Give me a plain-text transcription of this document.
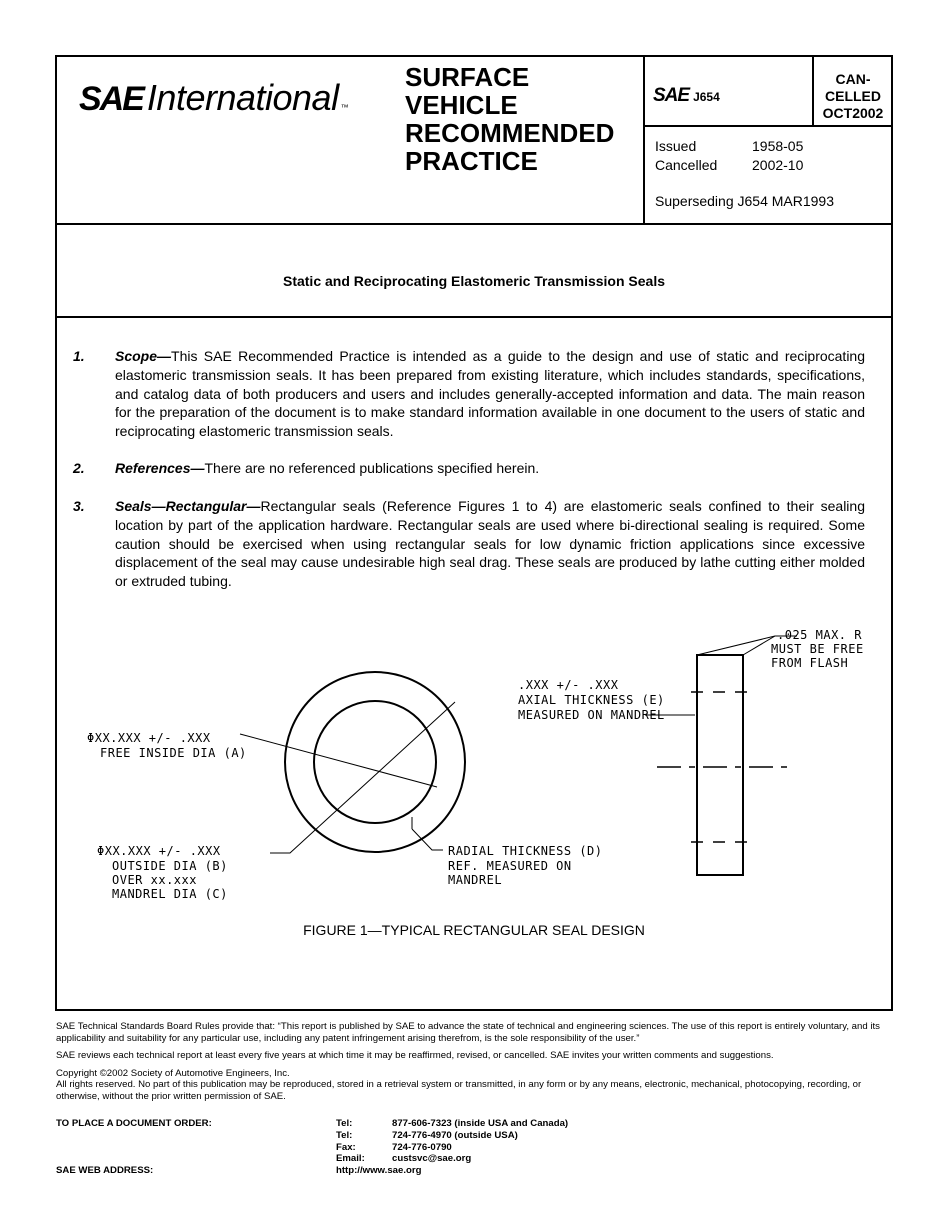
SAE International ™
SURFACE
VEHICLE
RECOMMENDED
PRACTICE
SAE J654
CAN-
CELLED
OCT2002
Issued	1958-05
Cancelled	2002-10
Superseding J654 MAR1993
Static and Reciprocating Elastomeric Transmission Seals
1. Scope—This SAE Recommended Practice is intended as a guide to the design and use of static and reciprocating elastomeric transmission seals. It has been prepared from existing literature, which includes standards, specifications, and catalog data of both producers and users and includes generally-accepted information and data. The main reason for the preparation of the document is to make standard information available in one document to the users of static and reciprocating elastomeric transmission seals.
2. References—There are no referenced publications specified herein.
3. Seals—Rectangular—Rectangular seals (Reference Figures 1 to 4) are elastomeric seals confined to their sealing location by part of the application hardware. Rectangular seals are used where bi-directional sealing is required. Some caution should be exercised when using rectangular seals for low dynamic friction applications since excessive displacement of the seal may cause undesirable high seal drag. These seals are produced by lathe cutting either molded or extruded tubing.
ΦXX.XXX +/- .XXX
FREE INSIDE DIA (A)
ΦXX.XXX +/- .XXX
OUTSIDE DIA (B)
OVER xx.xxx
MANDREL DIA (C)
RADIAL THICKNESS (D)
REF. MEASURED ON
MANDREL
.XXX +/- .XXX
AXIAL THICKNESS (E)
MEASURED ON MANDREL
.025 MAX. R
MUST BE FREE
FROM FLASH
FIGURE 1—TYPICAL RECTANGULAR SEAL DESIGN

SAE Technical Standards Board Rules provide that: “This report is published by SAE to advance the state of technical and engineering sciences. The use of this report is entirely voluntary, and its applicability and suitability for any particular use, including any patent infringement arising therefrom, is the sole responsibility of the user.”

SAE reviews each technical report at least every five years at which time it may be reaffirmed, revised, or cancelled. SAE invites your written comments and suggestions.

Copyright ©2002 Society of Automotive Engineers, Inc.
All rights reserved. No part of this publication may be reproduced, stored in a retrieval system or transmitted, in any form or by any means, electronic, mechanical, photocopying, recording, or otherwise, without the prior written permission of SAE.
TO PLACE A DOCUMENT ORDER:	Tel:	877-606-7323 (inside USA and Canada)
Tel:	724-776-4970 (outside USA)
Fax:	724-776-0790
Email:	custsvc@sae.org
SAE WEB ADDRESS:	http://www.sae.org
